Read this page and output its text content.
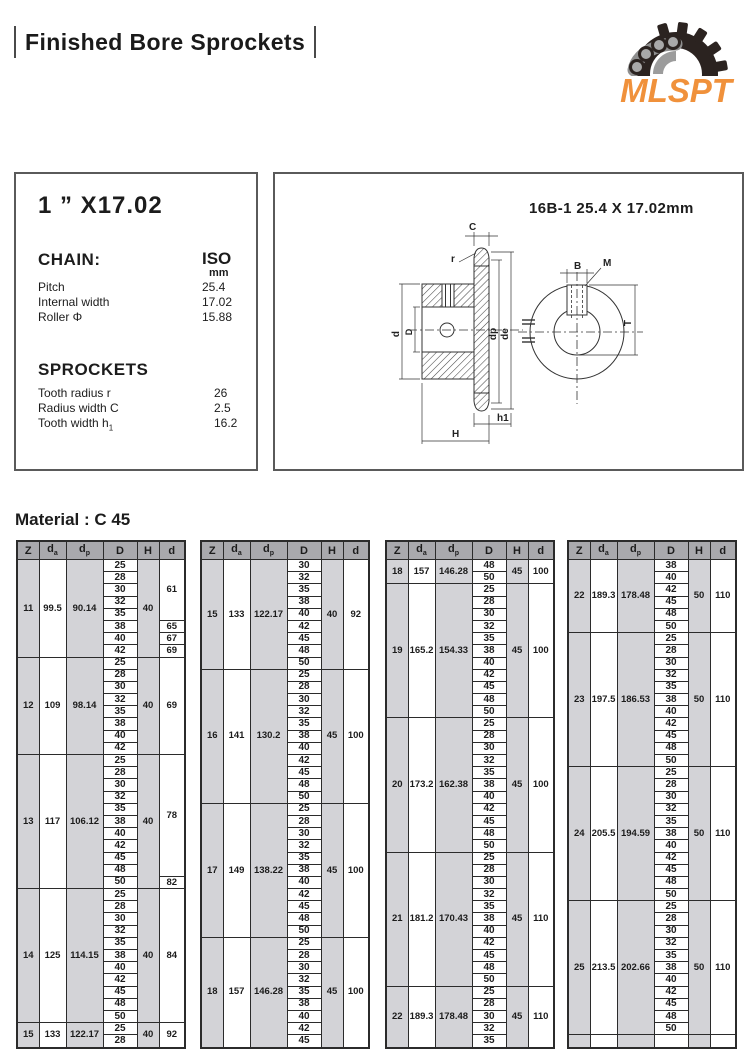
Finished Bore Sprockets
MLSPT
1 ” X17.02
CHAIN:	ISO
mm
Pitch	25.4
Internal width	17.02
Roller Φ	15.88
SPROCKETS
Tooth radius r	26
Radius width C	2.5
Tooth width $h_1$	16.2
16B-1 25.4 X 17.02mm
C
r
d D	dp de
h1
H
B M
T
Material : C 45
Z	$d_a$	$d_p$	D	H	d
11	99.5	90.14	25	40	61
			28		
			30		
			32		
			35		
			38		65
			40		67
			42		69
12	109	98.14	25	40	69
			28		
			30		
			32		
			35		
			38		
			40		
			42		
13	117	106.12	25	40	78
			28		
			30		
			32		
			35		
			38		
			40		
			42		
			45		
			48		
			50		82
14	125	114.15	25	40	84
			28		
			30		
			32		
			35		
			38		
			40		
			42		
			45		
			48		
			50		
15	133	122.17	25	40	92
			28		
Z	$d_a$	$d_p$	D	H	d
15	133	122.17	30	40	92
			32		
			35		
			38		
			40		
			42		
			45		
			48		
			50		
16	141	130.2	25	45	100
			28		
			30		
			32		
			35		
			38		
			40		
			42		
			45		
			48		
			50		
17	149	138.22	25	45	100
			28		
			30		
			32		
			35		
			38		
			40		
			42		
			45		
			48		
			50		
18	157	146.28	25	45	100
			28		
			30		
			32		
			35		
			38		
			40		
			42		
			45		
Z	$d_a$	$d_p$	D	H	d
18	157	146.28	48	45	100
			50		
19	165.2	154.33	25	45	100
			28		
			30		
			32		
			35		
			38		
			40		
			42		
			45		
			48		
			50		
20	173.2	162.38	25	45	100
			28		
			30		
			32		
			35		
			38		
			40		
			42		
			45		
			48		
			50		
21	181.2	170.43	25	45	110
			28		
			30		
			32		
			35		
			38		
			40		
			42		
			45		
			48		
			50		
22	189.3	178.48	25	45	110
			28		
			30		
			32		
			35		
Z	$d_a$	$d_p$	D	H	d
22	189.3	178.48	38	50	110
			40		
			42		
			45		
			48		
			50		
23	197.5	186.53	25	50	110
			28		
			30		
			32		
			35		
			38		
			40		
			42		
			45		
			48		
			50		
24	205.5	194.59	25	50	110
			28		
			30		
			32		
			35		
			38		
			40		
			42		
			45		
			48		
			50		
25	213.5	202.66	25	50	110
			28		
			30		
			32		
			35		
			38		
			40		
			42		
			45		
			48		
			50		
